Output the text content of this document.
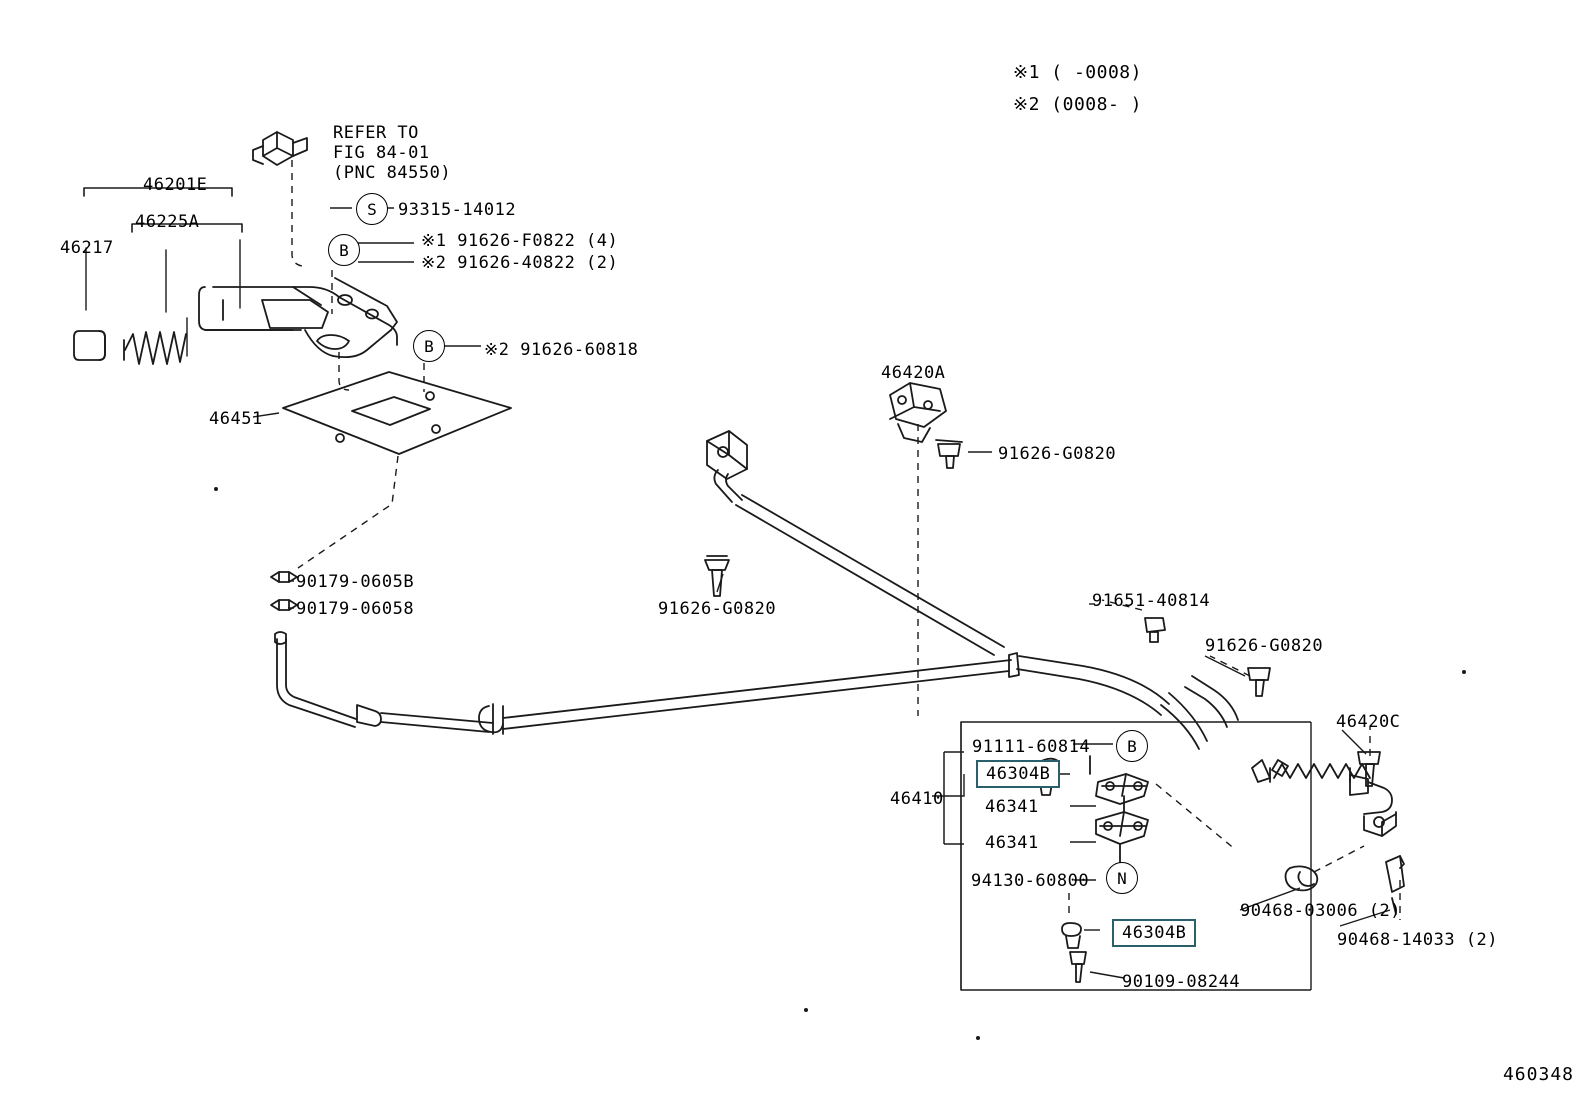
※1 ( -0008)
※2 (0008- )
REFER TO
FIG 84-01
(PNC 84550)
S
B
B
B
N
46217
46225A
46201E
93315-14012
※1 91626-F0822 (4)
※2 91626-40822 (2)
※2 91626-60818
46451
90179-0605B
90179-06058	91626-G0820
46420A
91626-G0820
91651-40814
91626-G0820
46420C
91111-60814
46410 46341
46341
94130-60800
90468-03006 (2)
90468-14033 (2)
90109-08244
46304B
46304B
460348
